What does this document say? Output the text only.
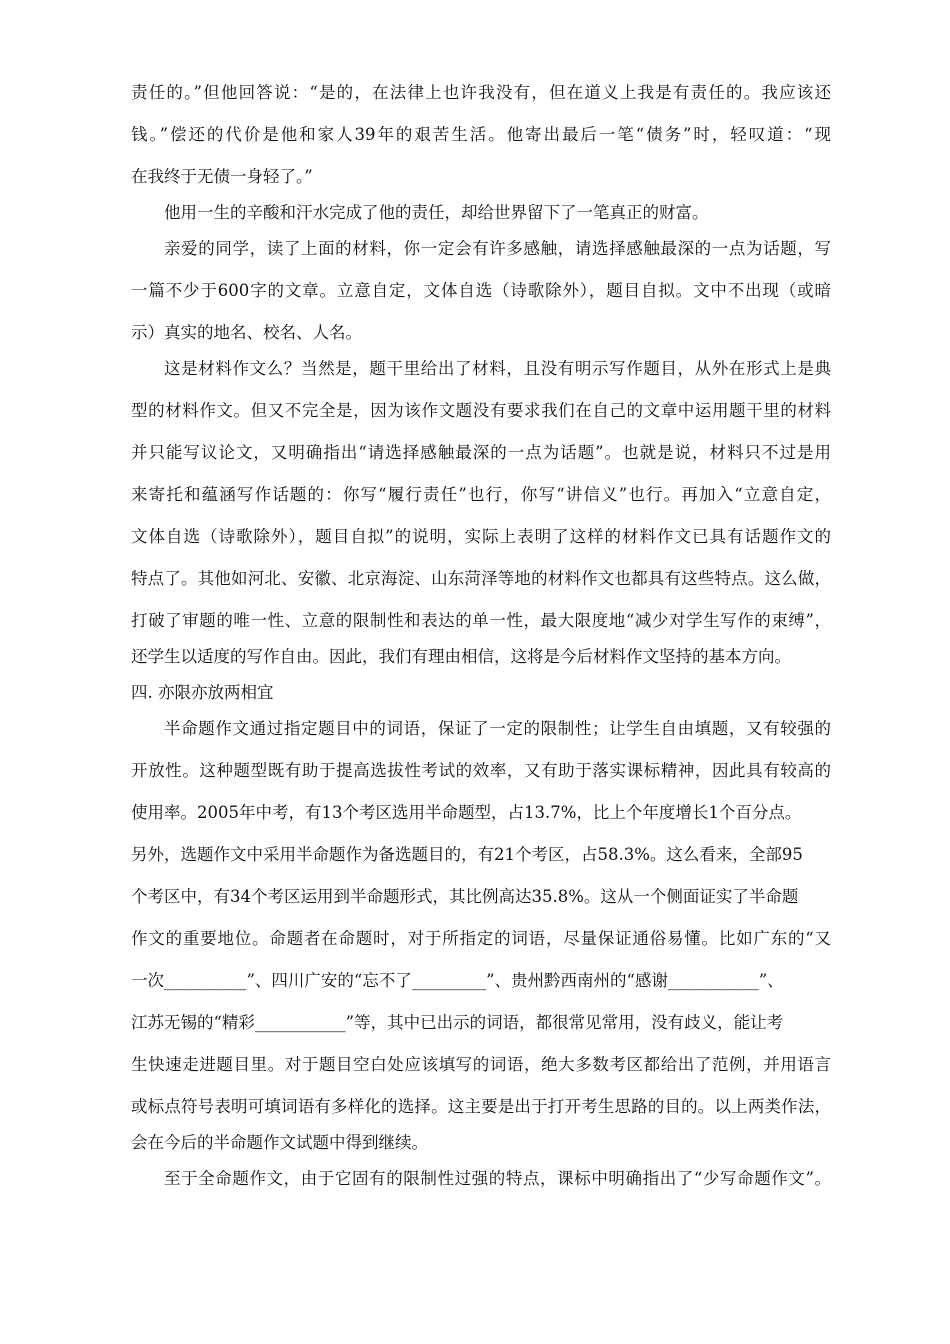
责任的。”但他回答说：“是的，在法律上也许我没有，但在道义上我是有责任的。我应该还
钱。”偿还的代价是他和家人39年的艰苦生活。他寄出最后一笔“债务”时，轻叹道：“现
在我终于无债一身轻了。”
他用一生的辛酸和汗水完成了他的责任，却给世界留下了一笔真正的财富。
亲爱的同学，读了上面的材料，你一定会有许多感触，请选择感触最深的一点为话题，写
一篇不少于600字的文章。立意自定，文体自选（诗歌除外），题目自拟。文中不出现（或暗
示）真实的地名、校名、人名。
这是材料作文么？当然是，题干里给出了材料，且没有明示写作题目，从外在形式上是典
型的材料作文。但又不完全是，因为该作文题没有要求我们在自己的文章中运用题干里的材料
并只能写议论文，又明确指出“请选择感触最深的一点为话题”。也就是说，材料只不过是用
来寄托和蕴涵写作话题的：你写“履行责任”也行，你写“讲信义”也行。再加入“立意自定，
文体自选（诗歌除外），题目自拟”的说明，实际上表明了这样的材料作文已具有话题作文的
特点了。其他如河北、安徽、北京海淀、山东菏泽等地的材料作文也都具有这些特点。这么做，
打破了审题的唯一性、立意的限制性和表达的单一性，最大限度地“减少对学生写作的束缚”，
还学生以适度的写作自由。因此，我们有理由相信，这将是今后材料作文坚持的基本方向。
四. 亦限亦放两相宜
半命题作文通过指定题目中的词语，保证了一定的限制性；让学生自由填题，又有较强的
开放性。这种题型既有助于提高选拔性考试的效率，又有助于落实课标精神，因此具有较高的
使用率。2005年中考，有13个考区选用半命题型，占13.7%，比上个年度增长1个百分点。
另外，选题作文中采用半命题作为备选题目的，有21个考区，占58.3%。这么看来，全部95
个考区中，有34个考区运用到半命题形式，其比例高达35.8%。这从一个侧面证实了半命题
作文的重要地位。命题者在命题时，对于所指定的词语，尽量保证通俗易懂。比如广东的“又
一次__________”、四川广安的“忘不了_________”、贵州黔西南州的“感谢___________”、
江苏无锡的“精彩___________”等，其中已出示的词语，都很常见常用，没有歧义，能让考
生快速走进题目里。对于题目空白处应该填写的词语，绝大多数考区都给出了范例，并用语言
或标点符号表明可填词语有多样化的选择。这主要是出于打开考生思路的目的。以上两类作法，
会在今后的半命题作文试题中得到继续。
至于全命题作文，由于它固有的限制性过强的特点，课标中明确指出了“少写命题作文”。
